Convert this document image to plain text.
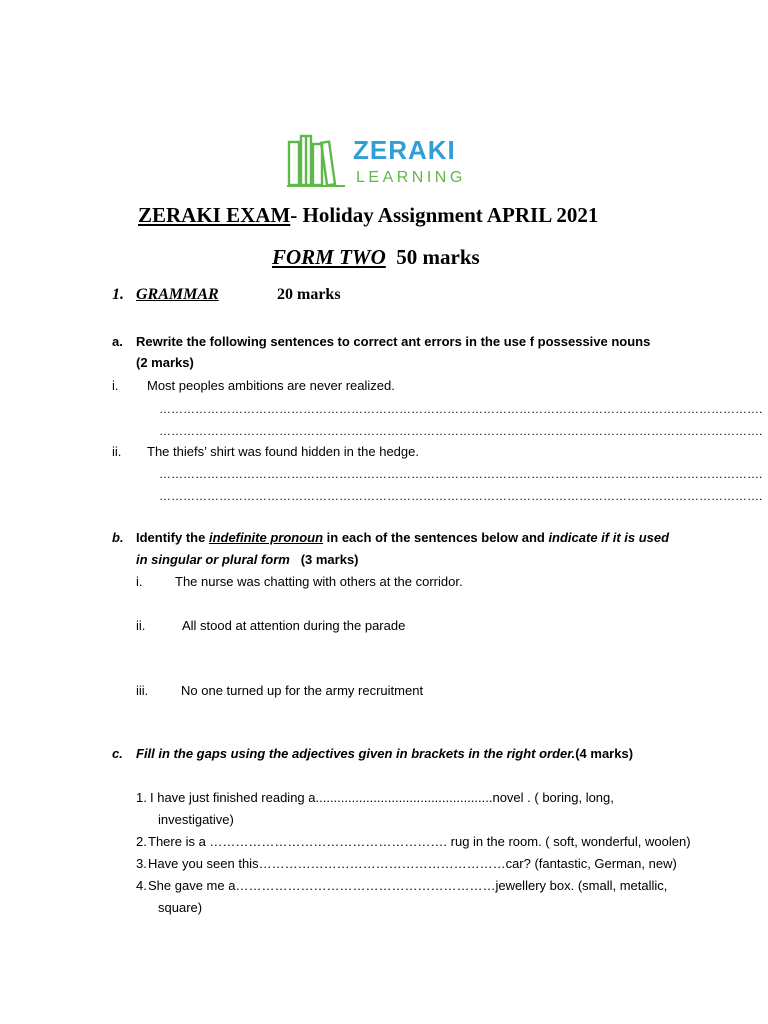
ZERAKI
LEARNING
ZERAKI EXAM- Holiday Assignment APRIL 2021
FORM TWO 50 marks
1. GRAMMAR	20 marks
a. Rewrite the following sentences to correct ant errors in the use f possessive nouns
(2 marks)
i. Most peoples ambitions are never realized.
…………………………………………………………………………………………………………………………………….
…………………………………………………………………………………………………………………………………….
ii. The thiefs’ shirt was found hidden in the hedge.
…………………………………………………………………………………………………………………………………….
…………………………………………………………………………………………………………………………………….
b. Identify the indefinite pronoun in each of the sentences below and indicate if it is used
in singular or plural form (3 marks)
i.	The nurse was chatting with others at the corridor.
ii.	All stood at attention during the parade
iii.	No one turned up for the army recruitment
c. Fill in the gaps using the adjectives given in brackets in the right order.(4 marks)
1. I have just finished reading a.................................................novel . ( boring, long,
investigative)
2. There is a ………………………………………………. rug in the room. ( soft, wonderful, woolen)
3. Have you seen this…………………………………………………car? (fantastic, German, new)
4. She gave me a……………………………………………………jewellery box. (small, metallic,
square)
